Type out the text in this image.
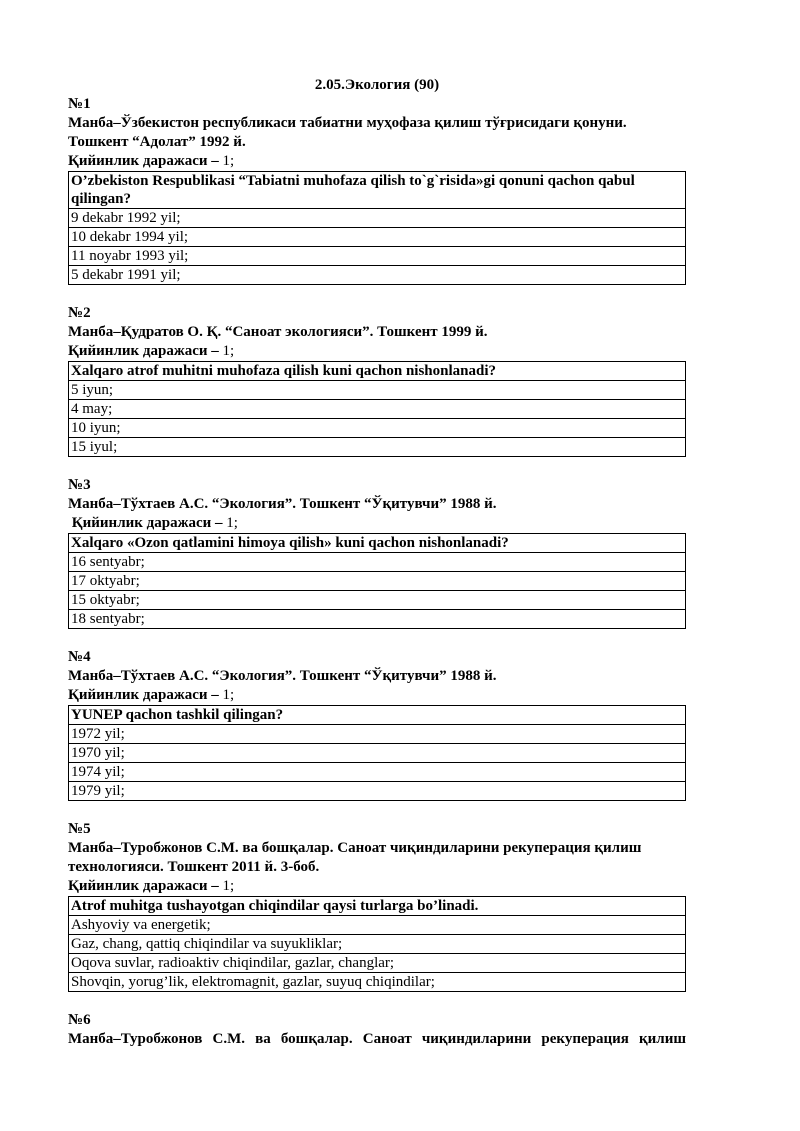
2.05.Экология (90)
№1
Манба–Ўзбекистон республикаси табиатни муҳофаза қилиш тўғрисидаги қонуни. Тошкент “Адолат” 1992 й.
Қийинлик даражаси – 1;
O’zbekiston Respublikasi “Tabiatni muhofaza qilish to`g`risida»gi qonuni qachon qabul qilingan?
9 dekabr 1992 yil;
10 dekabr 1994 yil;
11 noyabr 1993 yil;
5 dekabr 1991 yil;
№2
Манба–Қудратов О. Қ. “Саноат экологияси”. Тошкент 1999 й.
Қийинлик даражаси – 1;
Xalqaro atrof muhitni muhofaza qilish kuni qachon nishonlanadi?
5 iyun;
4 may;
10 iyun;
15 iyul;
№3
Манба–Тўхтаев А.С. “Экология”. Тошкент “Ўқитувчи” 1988 й.
Қийинлик даражаси – 1;
Xalqaro «Ozon qatlamini himoya qilish» kuni qachon nishonlanadi?
16 sentyabr;
17 oktyabr;
15 oktyabr;
18 sentyabr;
№4
Манба–Тўхтаев А.С. “Экология”. Тошкент “Ўқитувчи” 1988 й.
Қийинлик даражаси – 1;
YUNEP qachon tashkil qilingan?
1972 yil;
1970 yil;
1974 yil;
1979 yil;
№5
Манба–Туробжонов С.М. ва бошқалар. Саноат чиқиндиларини рекуперация қилиш технологияси. Тошкент 2011 й. 3-боб.
Қийинлик даражаси – 1;
Atrof muhitga tushayotgan chiqindilar qaysi turlarga bo’linadi.
Ashyoviy va energetik;
Gaz, chang, qattiq chiqindilar va suyukliklar;
Oqova suvlar, radioaktiv chiqindilar, gazlar, changlar;
Shovqin, yorug’lik, elektromagnit, gazlar, suyuq chiqindilar;
№6
Манба–Туробжонов С.М. ва бошқалар. Саноат чиқиндиларини рекуперация қилиш
